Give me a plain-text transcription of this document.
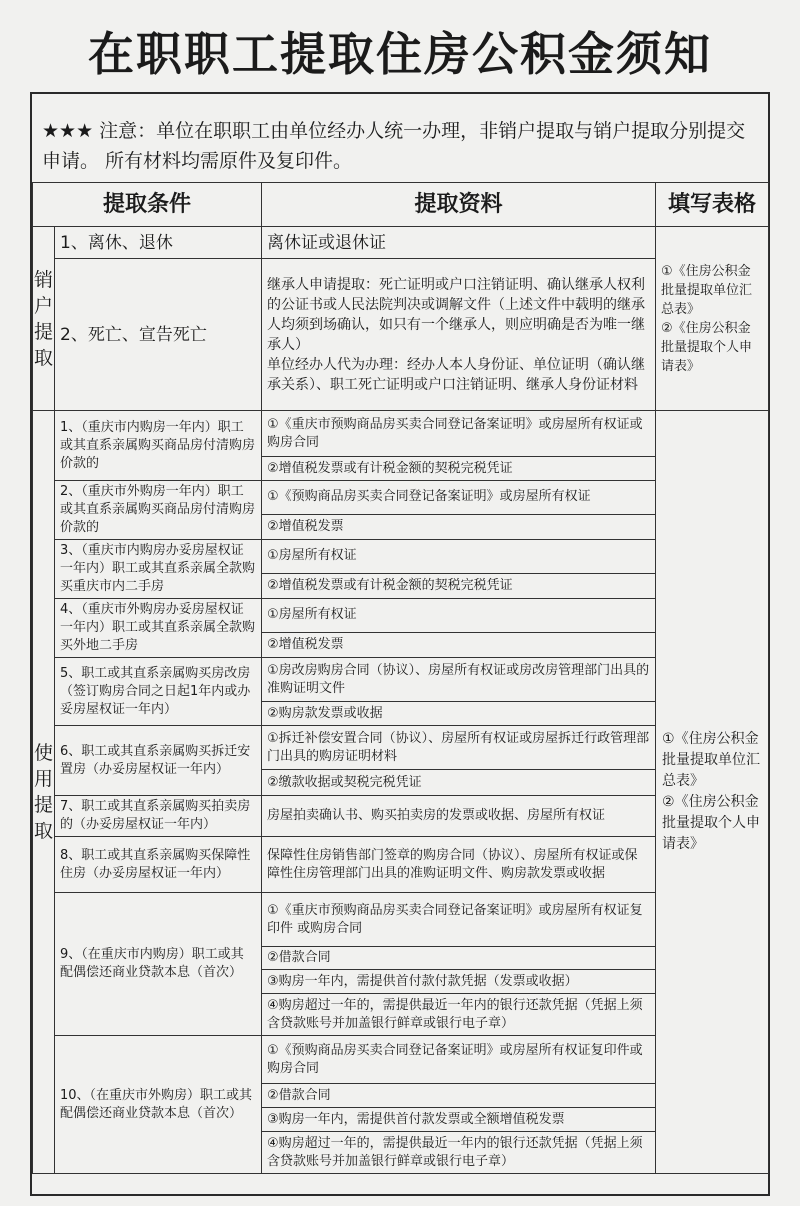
在职职工提取住房公积金须知
★★★ 注意：单位在职职工由单位经办人统一办理，非销户提取与销户提取分别提交申请。 所有材料均需原件及复印件。
提取条件		提取资料	填写表格
销户提取	1、离休、退休	离休证或退休证	①《住房公积金批量提取单位汇总表》
②《住房公积金批量提取个人申请表》

	2、死亡、宣告死亡	继承人申请提取：死亡证明或户口注销证明、确认继承人权利的公证书或人民法院判决或调解文件（上述文件中载明的继承人均须到场确认，如只有一个继承人，则应明确是否为唯一继承人）
单位经办人代为办理：经办人本人身份证、单位证明（确认继承关系）、职工死亡证明或户口注销证明、继承人身份证材料	

使用提取	1、（重庆市内购房一年内）职工或其直系亲属购买商品房付清购房价款的	①《重庆市预购商品房买卖合同登记备案证明》或房屋所有权证或购房合同	①《住房公积金批量提取单位汇总表》
②《住房公积金批量提取个人申请表》

		②增值税发票或有计税金额的契税完税凭证	
	2、（重庆市外购房一年内）职工或其直系亲属购买商品房付清购房价款的	①《预购商品房买卖合同登记备案证明》或房屋所有权证	
		②增值税发票	
	3、（重庆市内购房办妥房屋权证一年内）职工或其直系亲属全款购买重庆市内二手房	①房屋所有权证	
		②增值税发票或有计税金额的契税完税凭证	
	4、（重庆市外购房办妥房屋权证一年内）职工或其直系亲属全款购买外地二手房	①房屋所有权证	
		②增值税发票	
	5、职工或其直系亲属购买房改房（签订购房合同之日起1年内或办妥房屋权证一年内）	①房改房购房合同（协议）、房屋所有权证或房改房管理部门出具的准购证明文件	
		②购房款发票或收据	
	6、职工或其直系亲属购买拆迁安置房（办妥房屋权证一年内）	①拆迁补偿安置合同（协议）、房屋所有权证或房屋拆迁行政管理部门出具的购房证明材料	
		②缴款收据或契税完税凭证	
	7、职工或其直系亲属购买拍卖房的（办妥房屋权证一年内）	房屋拍卖确认书、购买拍卖房的发票或收据、房屋所有权证	
	8、职工或其直系亲属购买保障性住房（办妥房屋权证一年内）	保障性住房销售部门签章的购房合同（协议）、房屋所有权证或保障性住房管理部门出具的准购证明文件、购房款发票或收据	
	9、（在重庆市内购房）职工或其配偶偿还商业贷款本息（首次）	①《重庆市预购商品房买卖合同登记备案证明》或房屋所有权证复印件 或购房合同	
		②借款合同	
		③购房一年内，需提供首付款付款凭据（发票或收据）	
		④购房超过一年的，需提供最近一年内的银行还款凭据（凭据上须含贷款账号并加盖银行鲜章或银行电子章）	
	10、（在重庆市外购房）职工或其配偶偿还商业贷款本息（首次）	①《预购商品房买卖合同登记备案证明》或房屋所有权证复印件或购房合同	
		②借款合同	
		③购房一年内，需提供首付款发票或全额增值税发票	
		④购房超过一年的，需提供最近一年内的银行还款凭据（凭据上须含贷款账号并加盖银行鲜章或银行电子章）	
